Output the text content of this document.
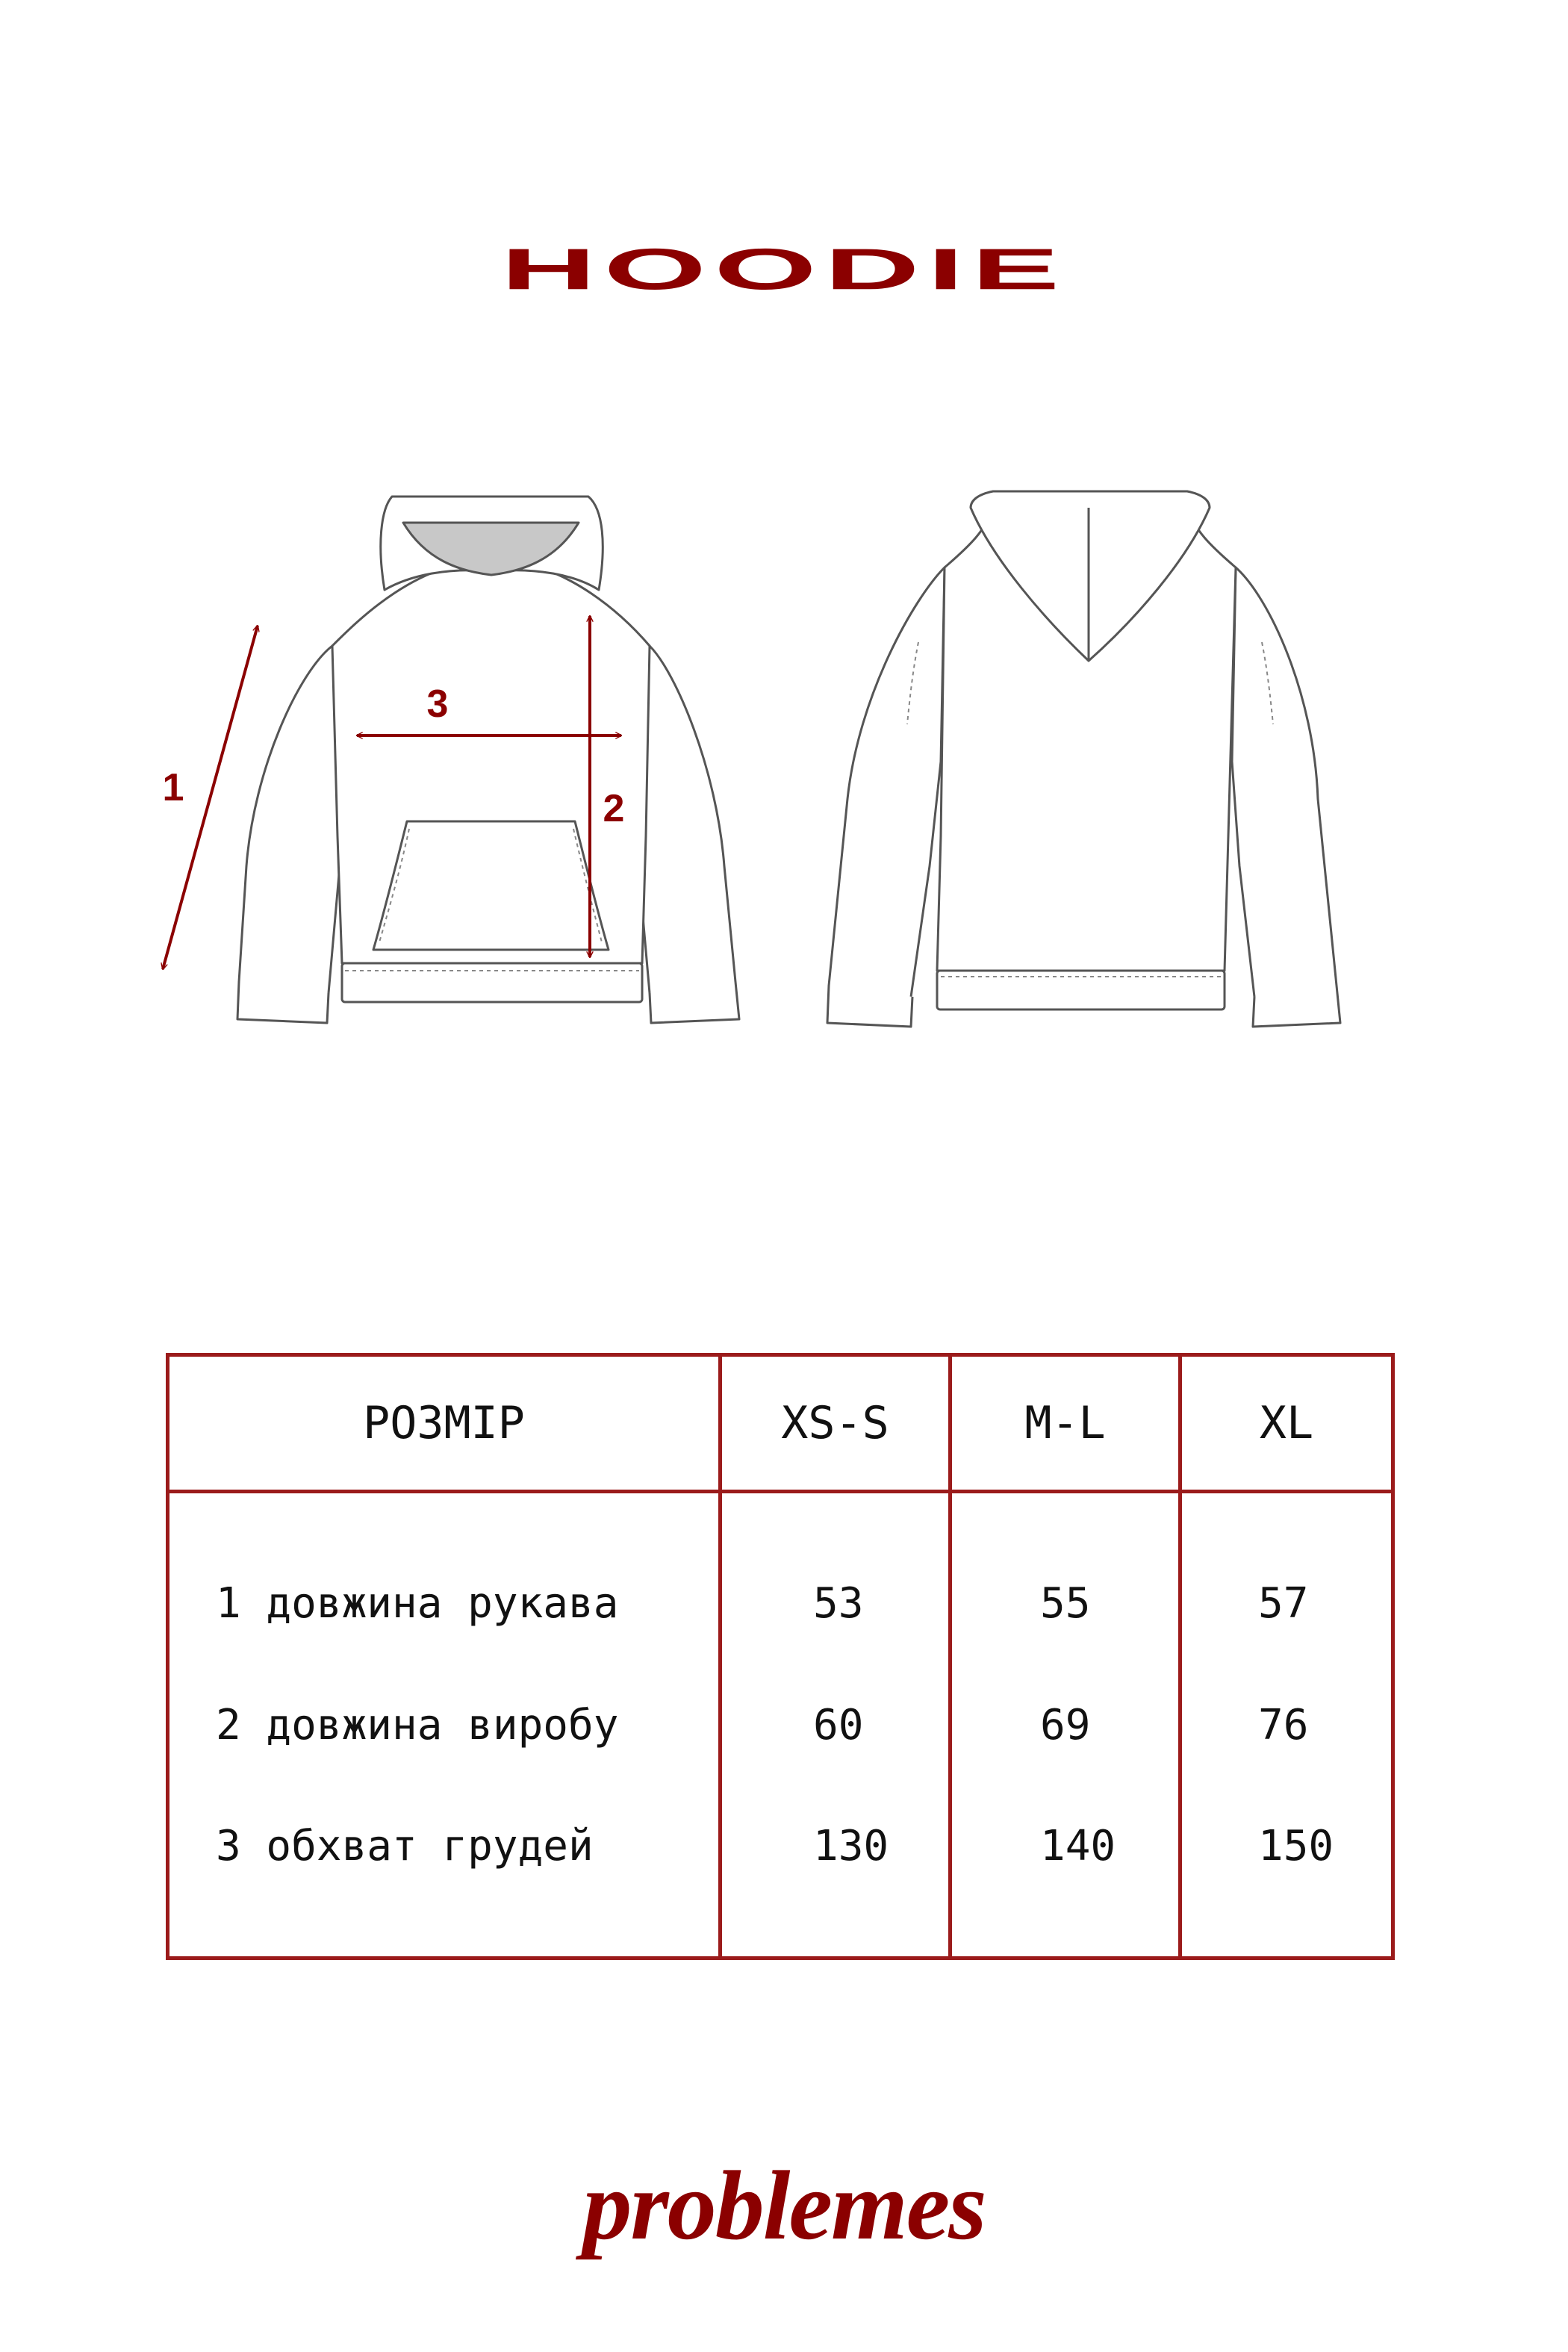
HOODIE
1	2
3
РОЗМІР	XS-S	M-L	XL
1 довжина рукава	53	55	57
2 довжина виробу	60	69	76
3 обхват грудей	130	140	150
problemes
